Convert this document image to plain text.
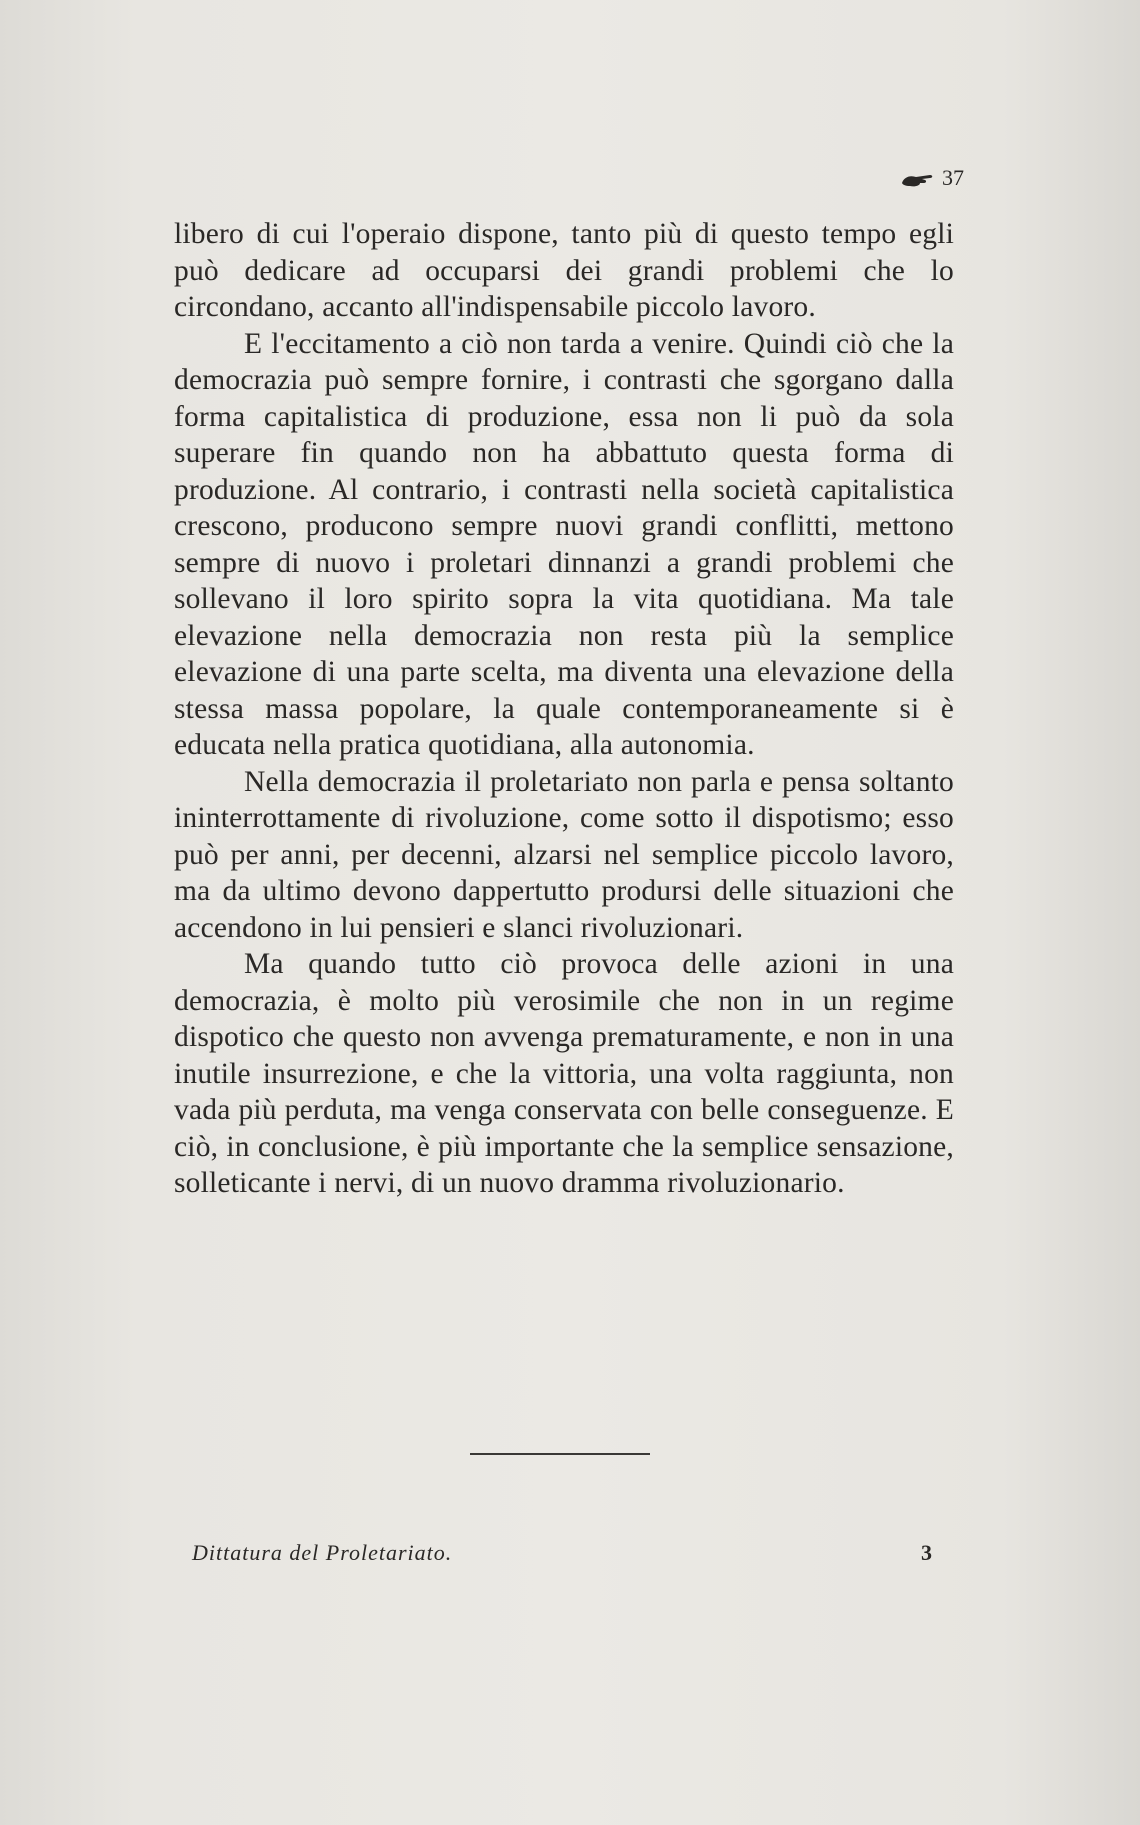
37

libero di cui l'operaio dispone, tanto più di questo tempo egli può dedicare ad occuparsi dei grandi problemi che lo circondano, accanto all'indispensabile piccolo lavoro.

E l'eccitamento a ciò non tarda a venire. Quindi ciò che la democrazia può sempre fornire, i contrasti che sgorgano dalla forma capitalistica di produzione, essa non li può da sola superare fin quando non ha abbattuto questa forma di produzione. Al contrario, i contrasti nella società capitalistica crescono, producono sempre nuovi grandi conflitti, mettono sempre di nuovo i proletari dinnanzi a grandi problemi che sollevano il loro spirito sopra la vita quotidiana. Ma tale elevazione nella democrazia non resta più la semplice elevazione di una parte scelta, ma diventa una elevazione della stessa massa popolare, la quale contemporaneamente si è educata nella pratica quotidiana, alla autonomia.

Nella democrazia il proletariato non parla e pensa soltanto ininterrottamente di rivoluzione, come sotto il dispotismo; esso può per anni, per decenni, alzarsi nel semplice piccolo lavoro, ma da ultimo devono dappertutto prodursi delle situazioni che accendono in lui pensieri e slanci rivoluzionari.

Ma quando tutto ciò provoca delle azioni in una democrazia, è molto più verosimile che non in un regime dispotico che questo non avvenga prematuramente, e non in una inutile insurrezione, e che la vittoria, una volta raggiunta, non vada più perduta, ma venga conservata con belle conseguenze. E ciò, in conclusione, è più importante che la semplice sensazione, solleticante i nervi, di un nuovo dramma rivoluzionario.

Dittatura del Proletariato.	3
